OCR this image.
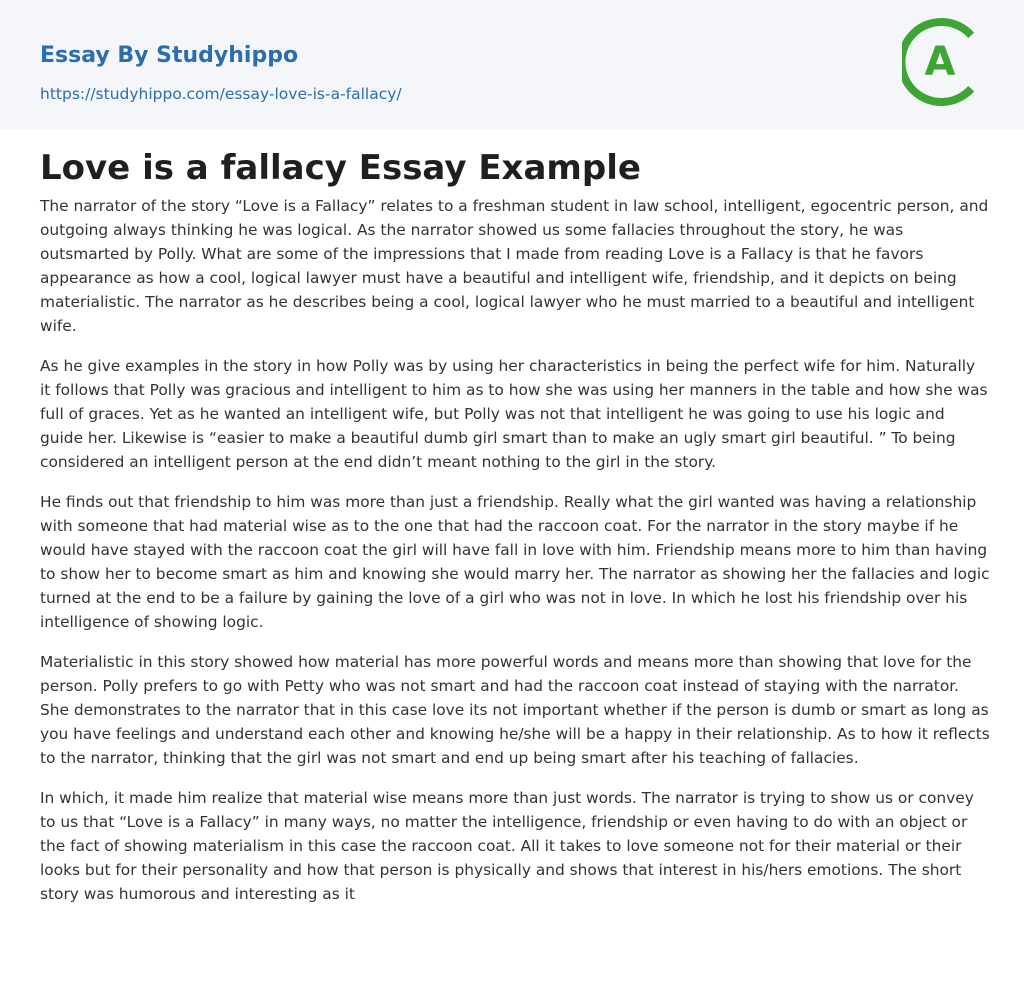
Essay By Studyhippo
https://studyhippo.com/essay-love-is-a-fallacy/
A
Love is a fallacy Essay Example

The narrator of the story “Love is a Fallacy” relates to a freshman student in law school, intelligent, egocentric person, and outgoing always thinking he was logical. As the narrator showed us some fallacies throughout the story, he was outsmarted by Polly. What are some of the impressions that I made from reading Love is a Fallacy is that he favors appearance as how a cool, logical lawyer must have a beautiful and intelligent wife, friendship, and it depicts on being materialistic. The narrator as he describes being a cool, logical lawyer who he must married to a beautiful and intelligent wife.

As he give examples in the story in how Polly was by using her characteristics in being the perfect wife for him. Naturally it follows that Polly was gracious and intelligent to him as to how she was using her manners in the table and how she was full of graces. Yet as he wanted an intelligent wife, but Polly was not that intelligent he was going to use his logic and guide her. Likewise is “easier to make a beautiful dumb girl smart than to make an ugly smart girl beautiful. ” To being considered an intelligent person at the end didn’t meant nothing to the girl in the story.

He finds out that friendship to him was more than just a friendship. Really what the girl wanted was having a relationship with someone that had material wise as to the one that had the raccoon coat. For the narrator in the story maybe if he would have stayed with the raccoon coat the girl will have fall in love with him. Friendship means more to him than having to show her to become smart as him and knowing she would marry her. The narrator as showing her the fallacies and logic turned at the end to be a failure by gaining the love of a girl who was not in love. In which he lost his friendship over his intelligence of showing logic.

Materialistic in this story showed how material has more powerful words and means more than showing that love for the person. Polly prefers to go with Petty who was not smart and had the raccoon coat instead of staying with the narrator. She demonstrates to the narrator that in this case love its not important whether if the person is dumb or smart as long as you have feelings and understand each other and knowing he/she will be a happy in their relationship. As to how it reflects to the narrator, thinking that the girl was not smart and end up being smart after his teaching of fallacies.

In which, it made him realize that material wise means more than just words. The narrator is trying to show us or convey to us that “Love is a Fallacy” in many ways, no matter the intelligence, friendship or even having to do with an object or the fact of showing materialism in this case the raccoon coat. All it takes to love someone not for their material or their looks but for their personality and how that person is physically and shows that interest in his/hers emotions. The short story was humorous and interesting as it
